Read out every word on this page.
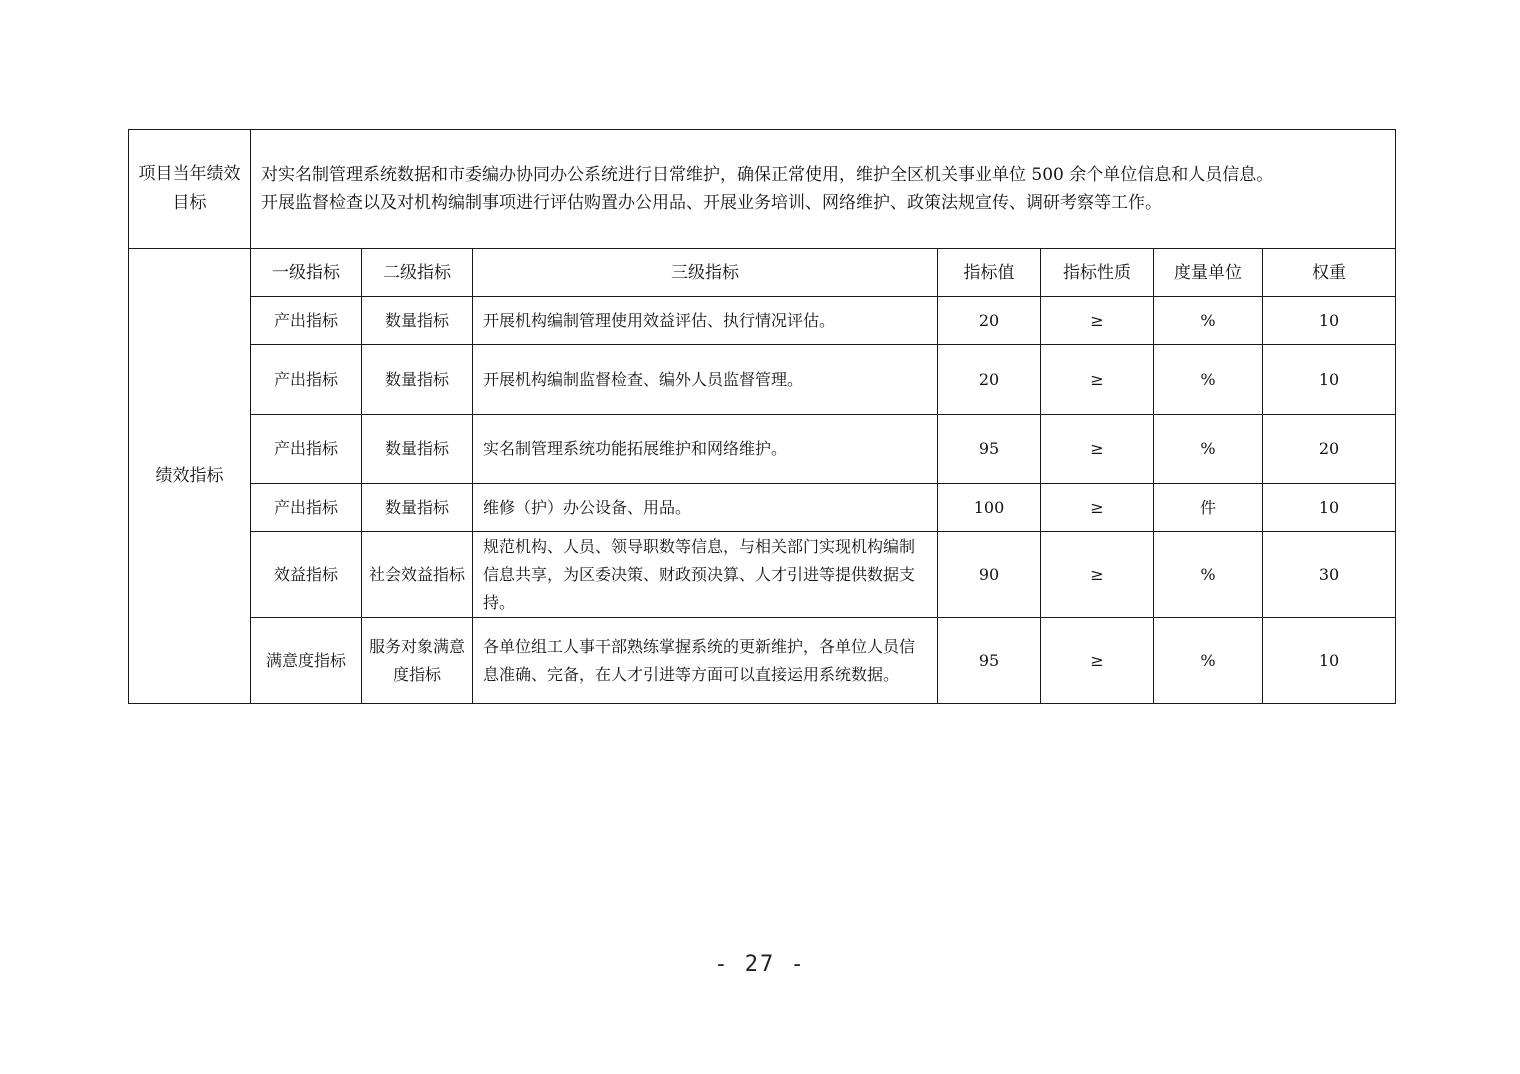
项目当年绩效目标	对实名制管理系统数据和市委编办协同办公系统进行日常维护，确保正常使用，维护全区机关事业单位 500 余个单位信息和人员信息。
开展监督检查以及对机构编制事项进行评估购置办公用品、开展业务培训、网络维护、政策法规宣传、调研考察等工作。						

绩效指标	一级指标	二级指标	三级指标	指标值	指标性质	度量单位	权重
	产出指标	数量指标	开展机构编制管理使用效益评估、执行情况评估。	20	≥	%	10
	产出指标	数量指标	开展机构编制监督检查、编外人员监督管理。	20	≥	%	10
	产出指标	数量指标	实名制管理系统功能拓展维护和网络维护。	95	≥	%	20
	产出指标	数量指标	维修（护）办公设备、用品。	100	≥	件	10
	效益指标	社会效益指标	规范机构、人员、领导职数等信息，与相关部门实现机构编制信息共享，为区委决策、财政预决算、人才引进等提供数据支持。	90	≥	%	30
	满意度指标	服务对象满意度指标	各单位组工人事干部熟练掌握系统的更新维护，各单位人员信息准确、完备，在人才引进等方面可以直接运用系统数据。	95	≥	%	10
- 27 -
